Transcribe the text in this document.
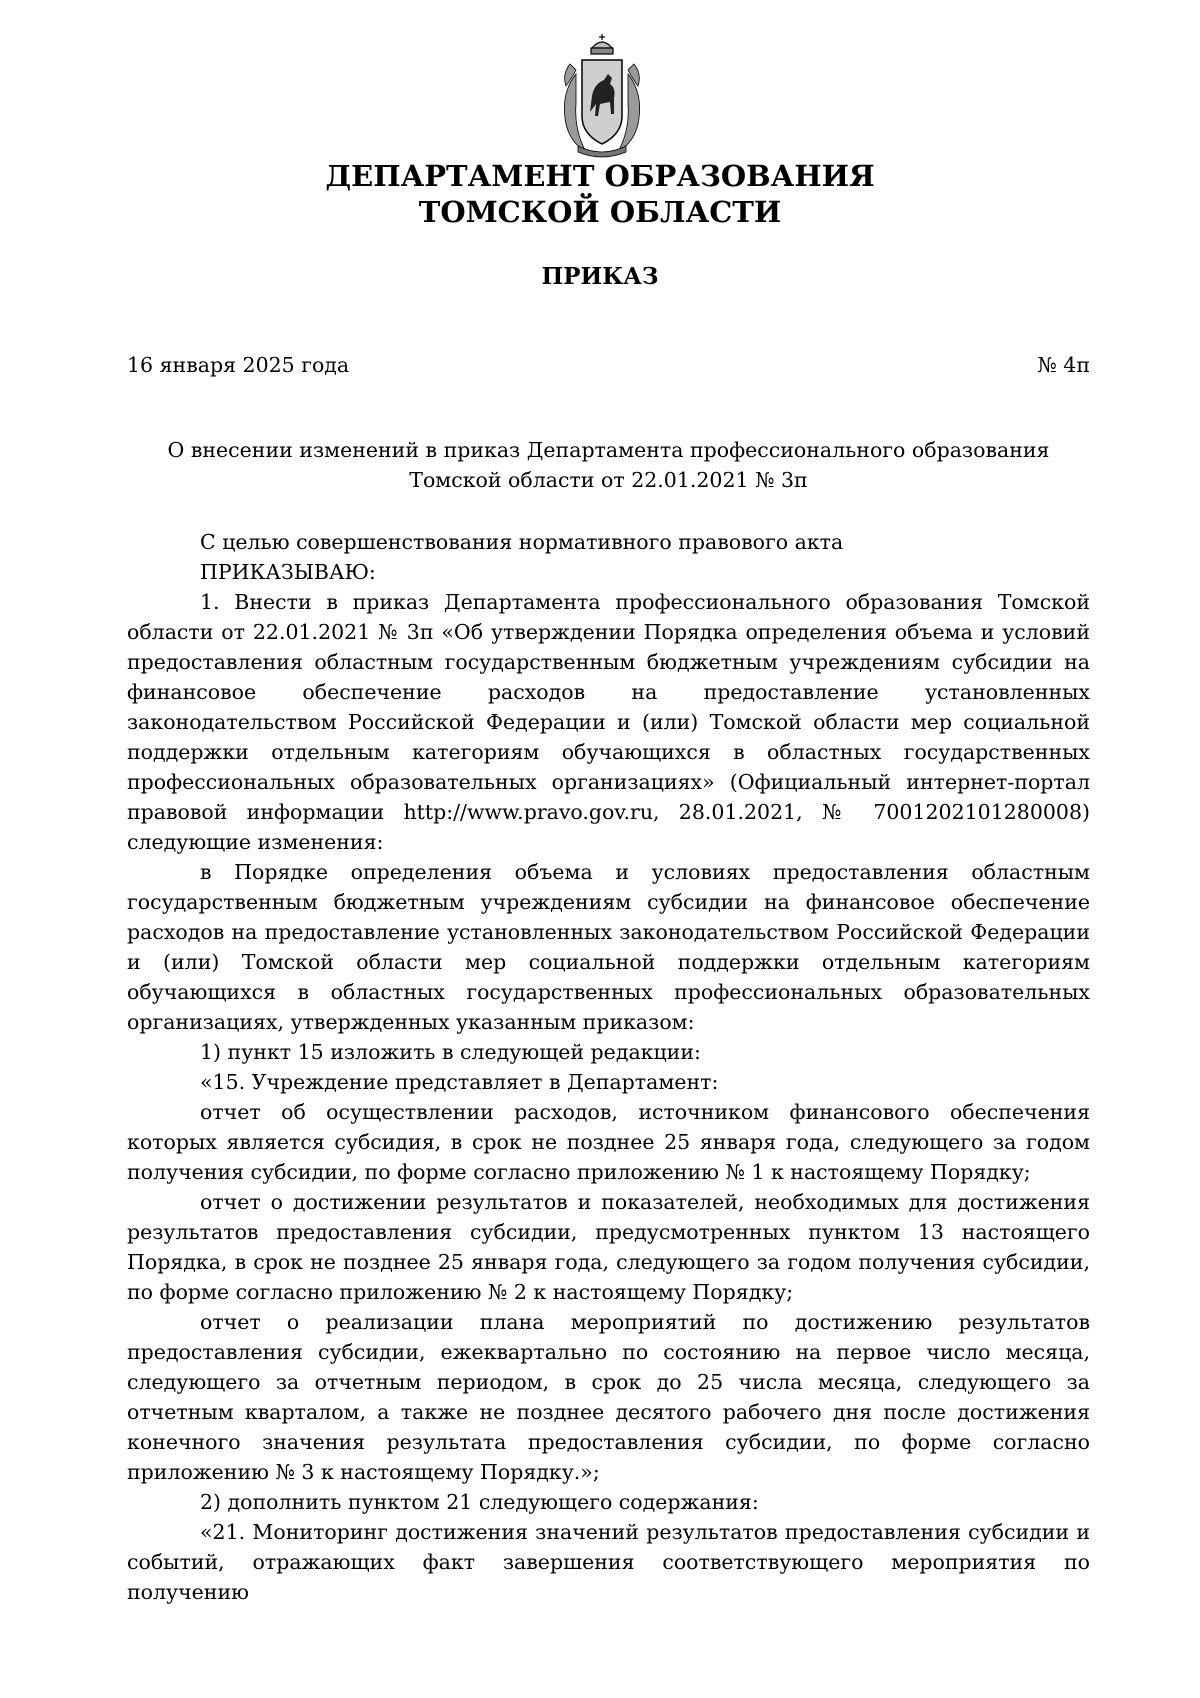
ДЕПАРТАМЕНТ ОБРАЗОВАНИЯ
ТОМСКОЙ ОБЛАСТИ
ПРИКАЗ
16 января 2025 года	№ 4п
О внесении изменений в приказ Департамента профессионального образования
Томской области от 22.01.2021 № 3п

С целью совершенствования нормативного правового акта

ПРИКАЗЫВАЮ:

1. Внести в приказ Департамента профессионального образования Томской области от 22.01.2021 № 3п «Об утверждении Порядка определения объема и условий предоставления областным государственным бюджетным учреждениям субсидии на финансовое обеспечение расходов на предоставление установленных законодательством Российской Федерации и (или) Томской области мер социальной поддержки отдельным категориям обучающихся в областных государственных профессиональных образовательных организациях» (Официальный интернет-портал правовой информации http://www.pravo.gov.ru, 28.01.2021, № 7001202101280008) следующие изменения:

в Порядке определения объема и условиях предоставления областным государственным бюджетным учреждениям субсидии на финансовое обеспечение расходов на предоставление установленных законодательством Российской Федерации и (или) Томской области мер социальной поддержки отдельным категориям обучающихся в областных государственных профессиональных образовательных организациях, утвержденных указанным приказом:

1) пункт 15 изложить в следующей редакции:

«15. Учреждение представляет в Департамент:

отчет об осуществлении расходов, источником финансового обеспечения которых является субсидия, в срок не позднее 25 января года, следующего за годом получения субсидии, по форме согласно приложению № 1 к настоящему Порядку;

отчет о достижении результатов и показателей, необходимых для достижения результатов предоставления субсидии, предусмотренных пунктом 13 настоящего Порядка, в срок не позднее 25 января года, следующего за годом получения субсидии, по форме согласно приложению № 2 к настоящему Порядку;

отчет о реализации плана мероприятий по достижению результатов предоставления субсидии, ежеквартально по состоянию на первое число месяца, следующего за отчетным периодом, в срок до 25 числа месяца, следующего за отчетным кварталом, а также не позднее десятого рабочего дня после достижения конечного значения результата предоставления субсидии, по форме согласно приложению № 3 к настоящему Порядку.»;

2) дополнить пунктом 21 следующего содержания:

«21. Мониторинг достижения значений результатов предоставления субсидии и событий, отражающих факт завершения соответствующего мероприятия по получению
